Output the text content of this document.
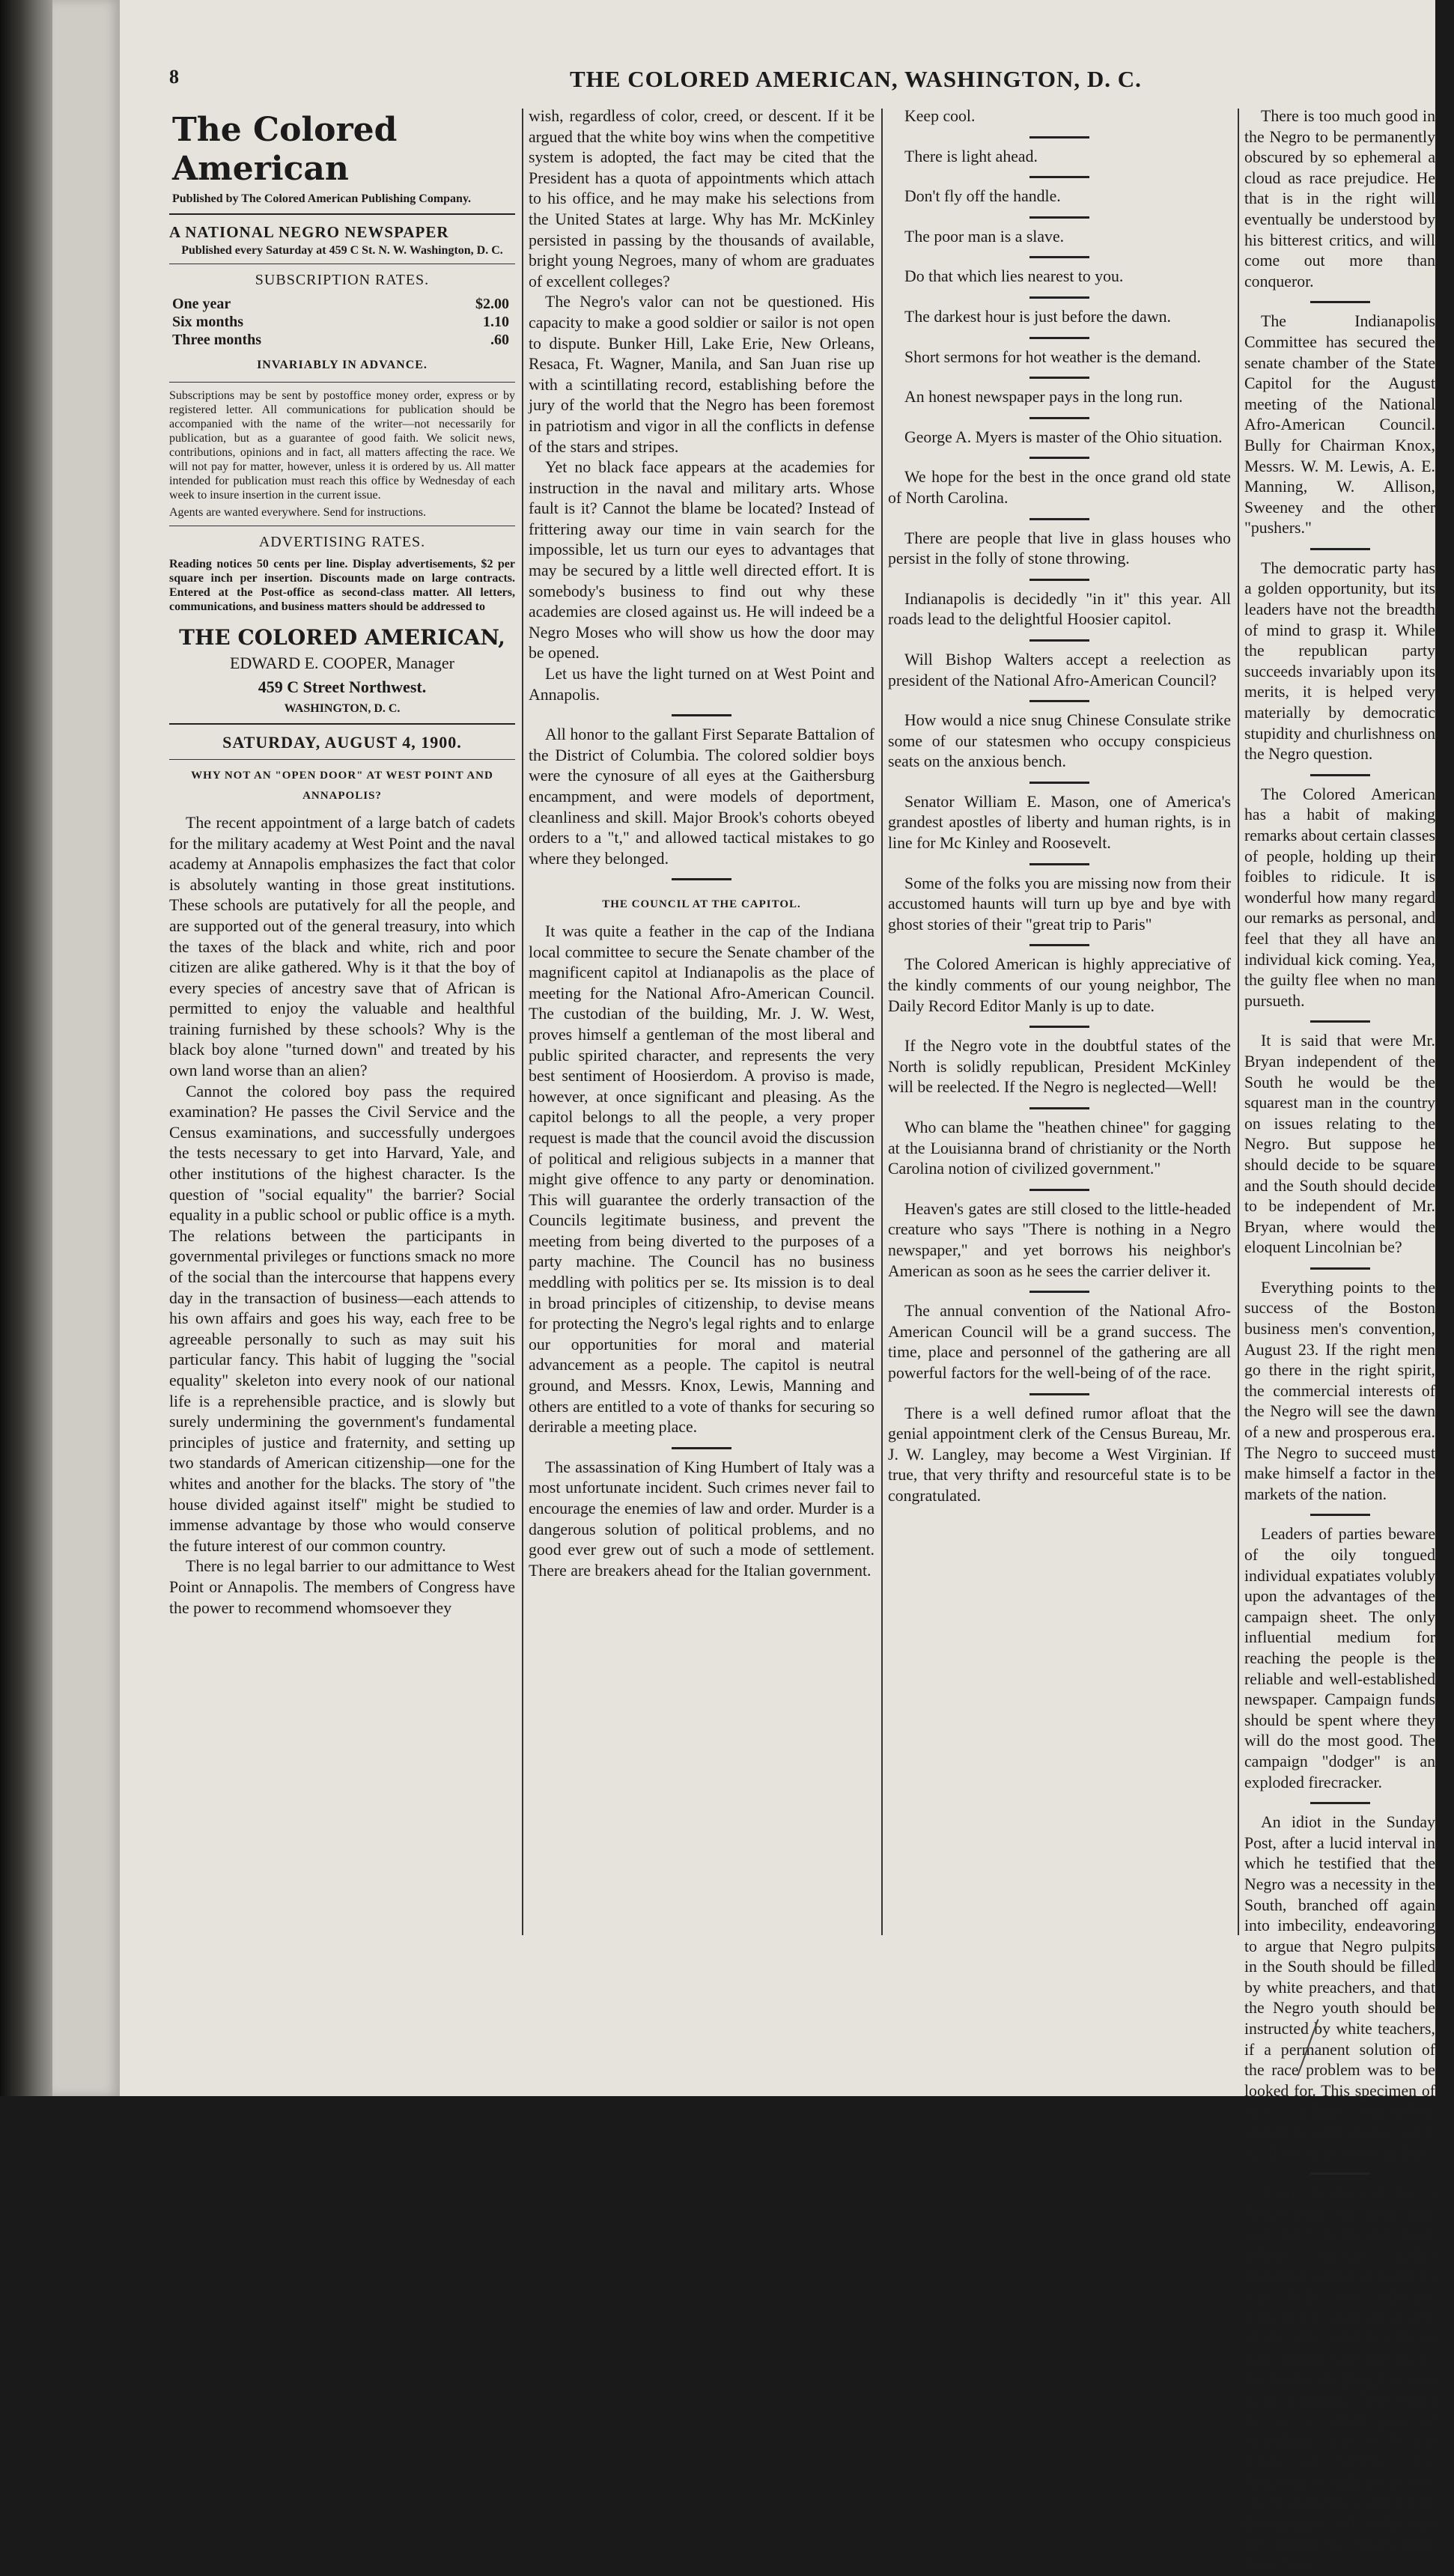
8	THE COLORED AMERICAN, WASHINGTON, D. C.
The Colored American
Published by The Colored American Publishing Company.
A NATIONAL NEGRO NEWSPAPER
Published every Saturday at 459 C St. N. W. Washington, D. C.
SUBSCRIPTION RATES.
One year	$2.00
Six months	1.10
Three months	.60
INVARIABLY IN ADVANCE.
Subscriptions may be sent by postoffice money order, express or by registered letter. All communications for publication should be accompanied with the name of the writer—not necessarily for publication, but as a guarantee of good faith. We solicit news, contributions, opinions and in fact, all matters affecting the race. We will not pay for matter, however, unless it is ordered by us. All matter intended for publication must reach this office by Wednesday of each week to insure insertion in the current issue.
Agents are wanted everywhere. Send for instructions.
ADVERTISING RATES.
Reading notices 50 cents per line. Display advertisements, $2 per square inch per insertion. Discounts made on large contracts. Entered at the Post-office as second-class matter. All letters, communications, and business matters should be addressed to
THE COLORED AMERICAN,
EDWARD E. COOPER, Manager
459 C Street Northwest.
WASHINGTON, D. C.
SATURDAY, AUGUST 4, 1900.
WHY NOT AN "OPEN DOOR" AT WEST POINT AND ANNAPOLIS?

The recent appointment of a large batch of cadets for the military academy at West Point and the naval academy at Annapolis emphasizes the fact that color is absolutely wanting in those great institutions. These schools are putatively for all the people, and are supported out of the general treasury, into which the taxes of the black and white, rich and poor citizen are alike gathered. Why is it that the boy of every species of ancestry save that of African is permitted to enjoy the valuable and healthful training furnished by these schools? Why is the black boy alone "turned down" and treated by his own land worse than an alien?

Cannot the colored boy pass the required examination? He passes the Civil Service and the Census examinations, and successfully undergoes the tests necessary to get into Harvard, Yale, and other institutions of the highest character. Is the question of "social equality" the barrier? Social equality in a public school or public office is a myth. The relations between the participants in governmental privileges or functions smack no more of the social than the intercourse that happens every day in the transaction of business—each attends to his own affairs and goes his way, each free to be agreeable personally to such as may suit his particular fancy. This habit of lugging the "social equality" skeleton into every nook of our national life is a reprehensible practice, and is slowly but surely undermining the government's fundamental principles of justice and fraternity, and setting up two standards of American citizenship—one for the whites and another for the blacks. The story of "the house divided against itself" might be studied to immense advantage by those who would conserve the future interest of our common country.

There is no legal barrier to our admittance to West Point or Annapolis. The members of Congress have the power to recommend whomsoever they

wish, regardless of color, creed, or descent. If it be argued that the white boy wins when the competitive system is adopted, the fact may be cited that the President has a quota of appointments which attach to his office, and he may make his selections from the United States at large. Why has Mr. McKinley persisted in passing by the thousands of available, bright young Negroes, many of whom are graduates of excellent colleges?

The Negro's valor can not be questioned. His capacity to make a good soldier or sailor is not open to dispute. Bunker Hill, Lake Erie, New Orleans, Resaca, Ft. Wagner, Manila, and San Juan rise up with a scintillating record, establishing before the jury of the world that the Negro has been foremost in patriotism and vigor in all the conflicts in defense of the stars and stripes.

Yet no black face appears at the academies for instruction in the naval and military arts. Whose fault is it? Cannot the blame be located? Instead of frittering away our time in vain search for the impossible, let us turn our eyes to advantages that may be secured by a little well directed effort. It is somebody's business to find out why these academies are closed against us. He will indeed be a Negro Moses who will show us how the door may be opened.

Let us have the light turned on at West Point and Annapolis.

All honor to the gallant First Separate Battalion of the District of Columbia. The colored soldier boys were the cynosure of all eyes at the Gaithersburg encampment, and were models of deportment, cleanliness and skill. Major Brook's cohorts obeyed orders to a "t," and allowed tactical mistakes to go where they belonged.

THE COUNCIL AT THE CAPITOL.

It was quite a feather in the cap of the Indiana local committee to secure the Senate chamber of the magnificent capitol at Indianapolis as the place of meeting for the National Afro-American Council. The custodian of the building, Mr. J. W. West, proves himself a gentleman of the most liberal and public spirited character, and represents the very best sentiment of Hoosierdom. A proviso is made, however, at once significant and pleasing. As the capitol belongs to all the people, a very proper request is made that the council avoid the discussion of political and religious subjects in a manner that might give offence to any party or denomination. This will guarantee the orderly transaction of the Councils legitimate business, and prevent the meeting from being diverted to the purposes of a party machine. The Council has no business meddling with politics per se. Its mission is to deal in broad principles of citizenship, to devise means for protecting the Negro's legal rights and to enlarge our opportunities for moral and material advancement as a people. The capitol is neutral ground, and Messrs. Knox, Lewis, Manning and others are entitled to a vote of thanks for securing so derirable a meeting place.

The assassination of King Humbert of Italy was a most unfortunate incident. Such crimes never fail to encourage the enemies of law and order. Murder is a dangerous solution of political problems, and no good ever grew out of such a mode of settlement. There are breakers ahead for the Italian government.

Keep cool.

There is light ahead.

Don't fly off the handle.

The poor man is a slave.

Do that which lies nearest to you.

The darkest hour is just before the dawn.

Short sermons for hot weather is the demand.

An honest newspaper pays in the long run.

George A. Myers is master of the Ohio situation.

We hope for the best in the once grand old state of North Carolina.

There are people that live in glass houses who persist in the folly of stone throwing.

Indianapolis is decidedly "in it" this year. All roads lead to the delightful Hoosier capitol.

Will Bishop Walters accept a reelection as president of the National Afro-American Council?

How would a nice snug Chinese Consulate strike some of our statesmen who occupy conspicieus seats on the anxious bench.

Senator William E. Mason, one of America's grandest apostles of liberty and human rights, is in line for Mc Kinley and Roosevelt.

Some of the folks you are missing now from their accustomed haunts will turn up bye and bye with ghost stories of their "great trip to Paris"

The Colored American is highly appreciative of the kindly comments of our young neighbor, The Daily Record Editor Manly is up to date.

If the Negro vote in the doubtful states of the North is solidly republican, President McKinley will be reelected. If the Negro is neglected—Well!

Who can blame the "heathen chinee" for gagging at the Louisianna brand of christianity or the North Carolina notion of civilized government."

Heaven's gates are still closed to the little-headed creature who says "There is nothing in a Negro newspaper," and yet borrows his neighbor's American as soon as he sees the carrier deliver it.

The annual convention of the National Afro-American Council will be a grand success. The time, place and personnel of the gathering are all powerful factors for the well-being of of the race.

There is a well defined rumor afloat that the genial appointment clerk of the Census Bureau, Mr. J. W. Langley, may become a West Virginian. If true, that very thrifty and resourceful state is to be congratulated.

There is too much good in the Negro to be permanently obscured by so ephemeral a cloud as race prejudice. He that is in the right will eventually be understood by his bitterest critics, and will come out more than conqueror.

The Indianapolis Committee has secured the senate chamber of the State Capitol for the August meeting of the National Afro-American Council. Bully for Chairman Knox, Messrs. W. M. Lewis, A. E. Manning, W. Allison, Sweeney and the other "pushers."

The democratic party has a golden opportunity, but its leaders have not the breadth of mind to grasp it. While the republican party succeeds invariably upon its merits, it is helped very materially by democratic stupidity and churlishness on the Negro question.

The Colored American has a habit of making remarks about certain classes of people, holding up their foibles to ridicule. It is wonderful how many regard our remarks as personal, and feel that they all have an individual kick coming. Yea, the guilty flee when no man pursueth.

It is said that were Mr. Bryan independent of the South he would be the squarest man in the country on issues relating to the Negro. But suppose he should decide to be square and the South should decide to be independent of Mr. Bryan, where would the eloquent Lincolnian be?

Everything points to the success of the Boston business men's convention, August 23. If the right men go there in the right spirit, the commercial interests of the Negro will see the dawn of a new and prosperous era. The Negro to succeed must make himself a factor in the markets of the nation.

Leaders of parties beware of the oily tongued individual expatiates volubly upon the advantages of the campaign sheet. The only influential medium for reaching the people is the reliable and well-established newspaper. Campaign funds should be spent where they will do the most good. The campaign "dodger" is an exploded firecracker.

An idiot in the Sunday Post, after a lucid interval in which he testified that the Negro was a necessity in the South, branched off again into imbecility, endeavoring to argue that Negro pulpits in the South should be filled by white preachers, and that the Negro youth should be instructed by white teachers, if a permanent solution of the race problem was to be looked for. This specimen of ante bellum bric-a-brac should be sent at once to the ward set apart for incurables.

There is no call for a Negro party. We have very little faith in the side issue tickets, anyway. Either McKinley or Bryan is sure to win. Why not influence directly the election of one of the other and be able to have weight with the victor. As Frederick Douglass was want to remark: "It is better to be a small part of something than to be the whole of nothing." The Negro must make every vote count and refuse to be led by demagogues and traders into any selling out Negro party movement.
